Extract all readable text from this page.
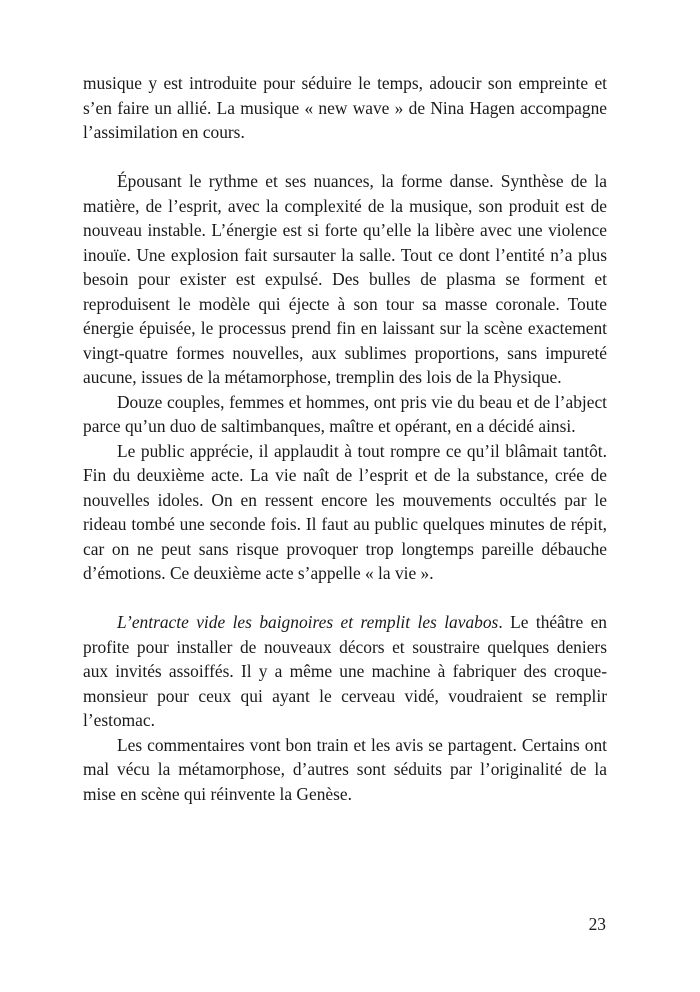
musique y est introduite pour séduire le temps, adoucir son empreinte et s’en faire un allié. La musique « new wave » de Nina Hagen accompagne l’assimilation en cours.

Épousant le rythme et ses nuances, la forme danse. Synthèse de la matière, de l’esprit, avec la complexité de la musique, son produit est de nouveau instable. L’énergie est si forte qu’elle la libère avec une violence inouïe. Une explosion fait sursauter la salle. Tout ce dont l’entité n’a plus besoin pour exister est expulsé. Des bulles de plasma se forment et reproduisent le modèle qui éjecte à son tour sa masse coronale. Toute énergie épuisée, le processus prend fin en laissant sur la scène exactement vingt-quatre formes nouvelles, aux sublimes proportions, sans impureté aucune, issues de la métamorphose, tremplin des lois de la Physique.

Douze couples, femmes et hommes, ont pris vie du beau et de l’abject parce qu’un duo de saltimbanques, maître et opérant, en a décidé ainsi.

Le public apprécie, il applaudit à tout rompre ce qu’il blâmait tantôt. Fin du deuxième acte. La vie naît de l’esprit et de la substance, crée de nouvelles idoles. On en ressent encore les mouvements occultés par le rideau tombé une seconde fois. Il faut au public quelques minutes de répit, car on ne peut sans risque provoquer trop longtemps pareille débauche d’émotions. Ce deuxième acte s’appelle « la vie ».

L’entracte vide les baignoires et remplit les lavabos. Le théâtre en profite pour installer de nouveaux décors et soustraire quelques deniers aux invités assoiffés. Il y a même une machine à fabriquer des croque-monsieur pour ceux qui ayant le cerveau vidé, voudraient se remplir l’estomac.

Les commentaires vont bon train et les avis se partagent. Certains ont mal vécu la métamorphose, d’autres sont séduits par l’originalité de la mise en scène qui réinvente la Genèse.

23
